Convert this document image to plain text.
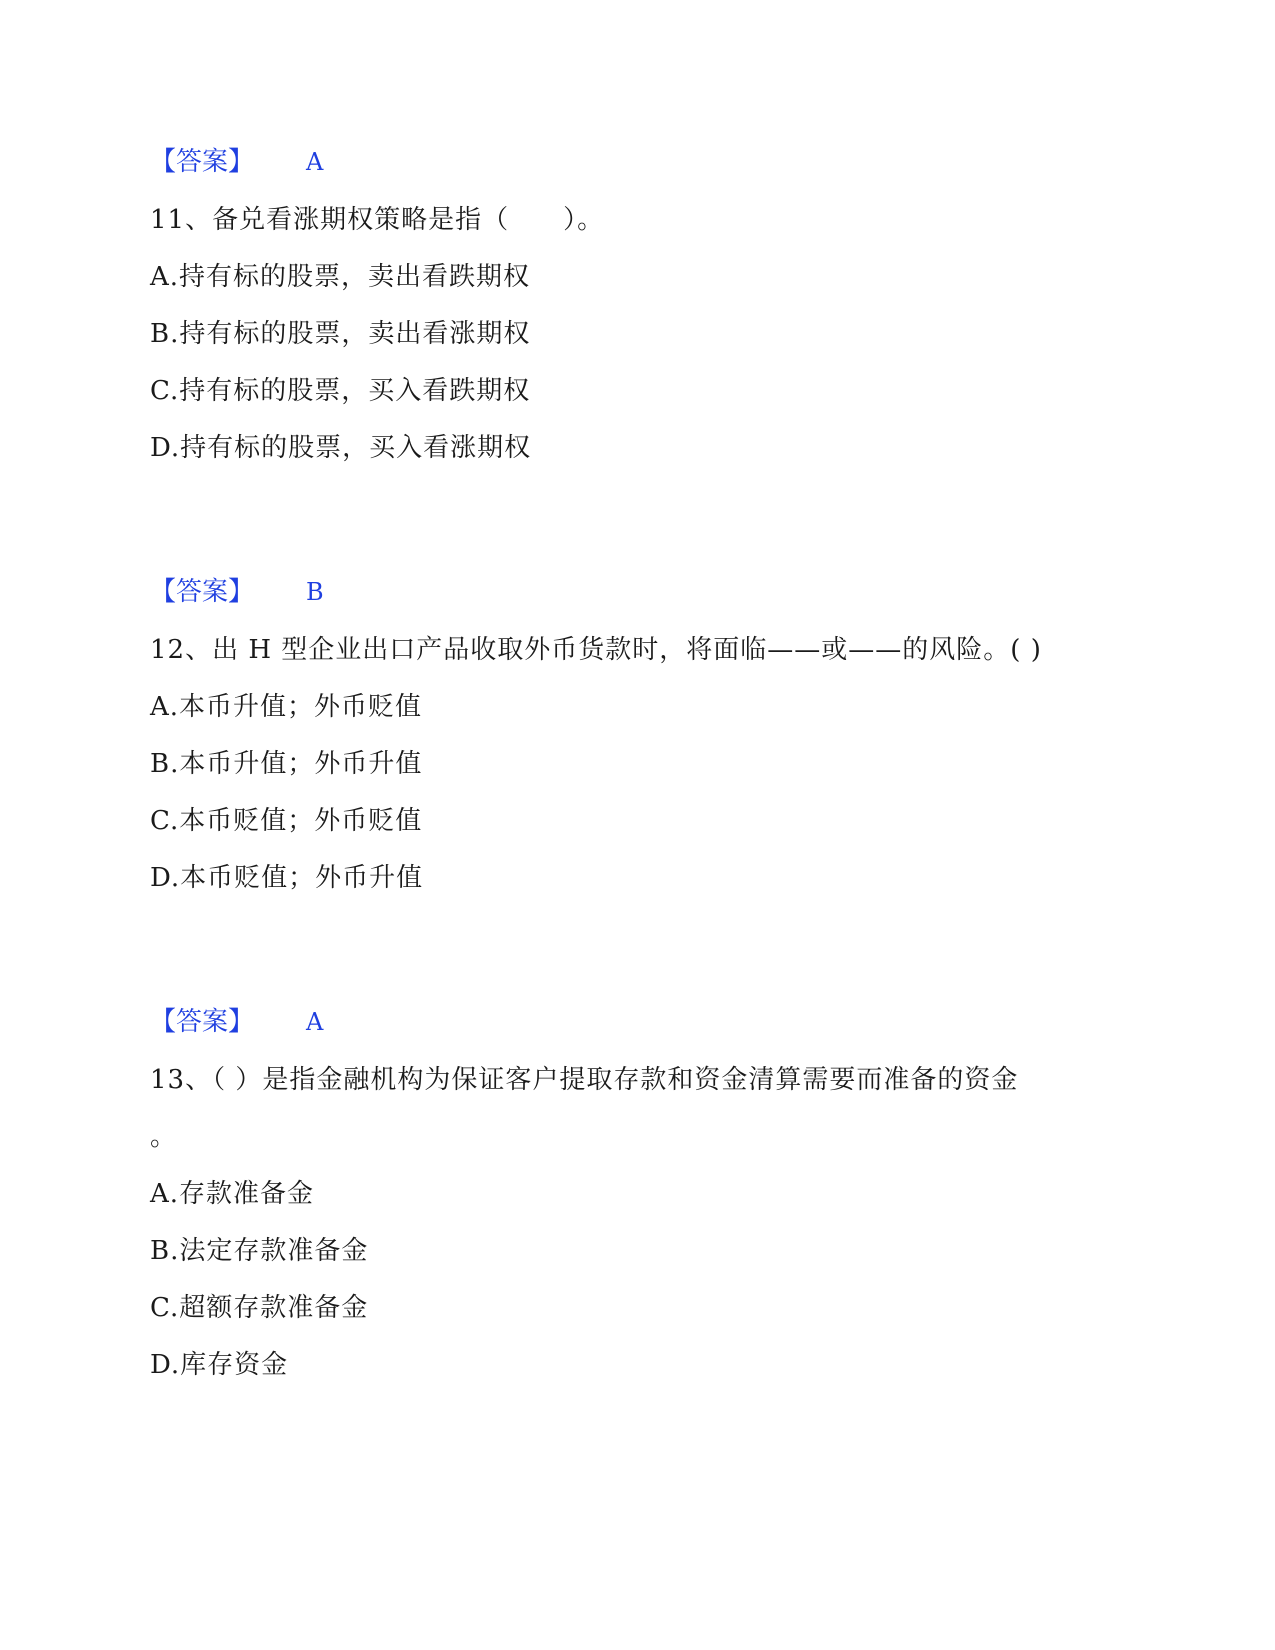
【答案】 A
11、备兑看涨期权策略是指（　　）。
A.持有标的股票，卖出看跌期权
B.持有标的股票，卖出看涨期权
C.持有标的股票，买入看跌期权
D.持有标的股票，买入看涨期权
【答案】 B
12、出 H 型企业出口产品收取外币货款时，将面临——或——的风险。( )
A.本币升值；外币贬值
B.本币升值；外币升值
C.本币贬值；外币贬值
D.本币贬值；外币升值
【答案】 A
13、（ ）是指金融机构为保证客户提取存款和资金清算需要而准备的资金
。
A.存款准备金
B.法定存款准备金
C.超额存款准备金
D.库存资金
